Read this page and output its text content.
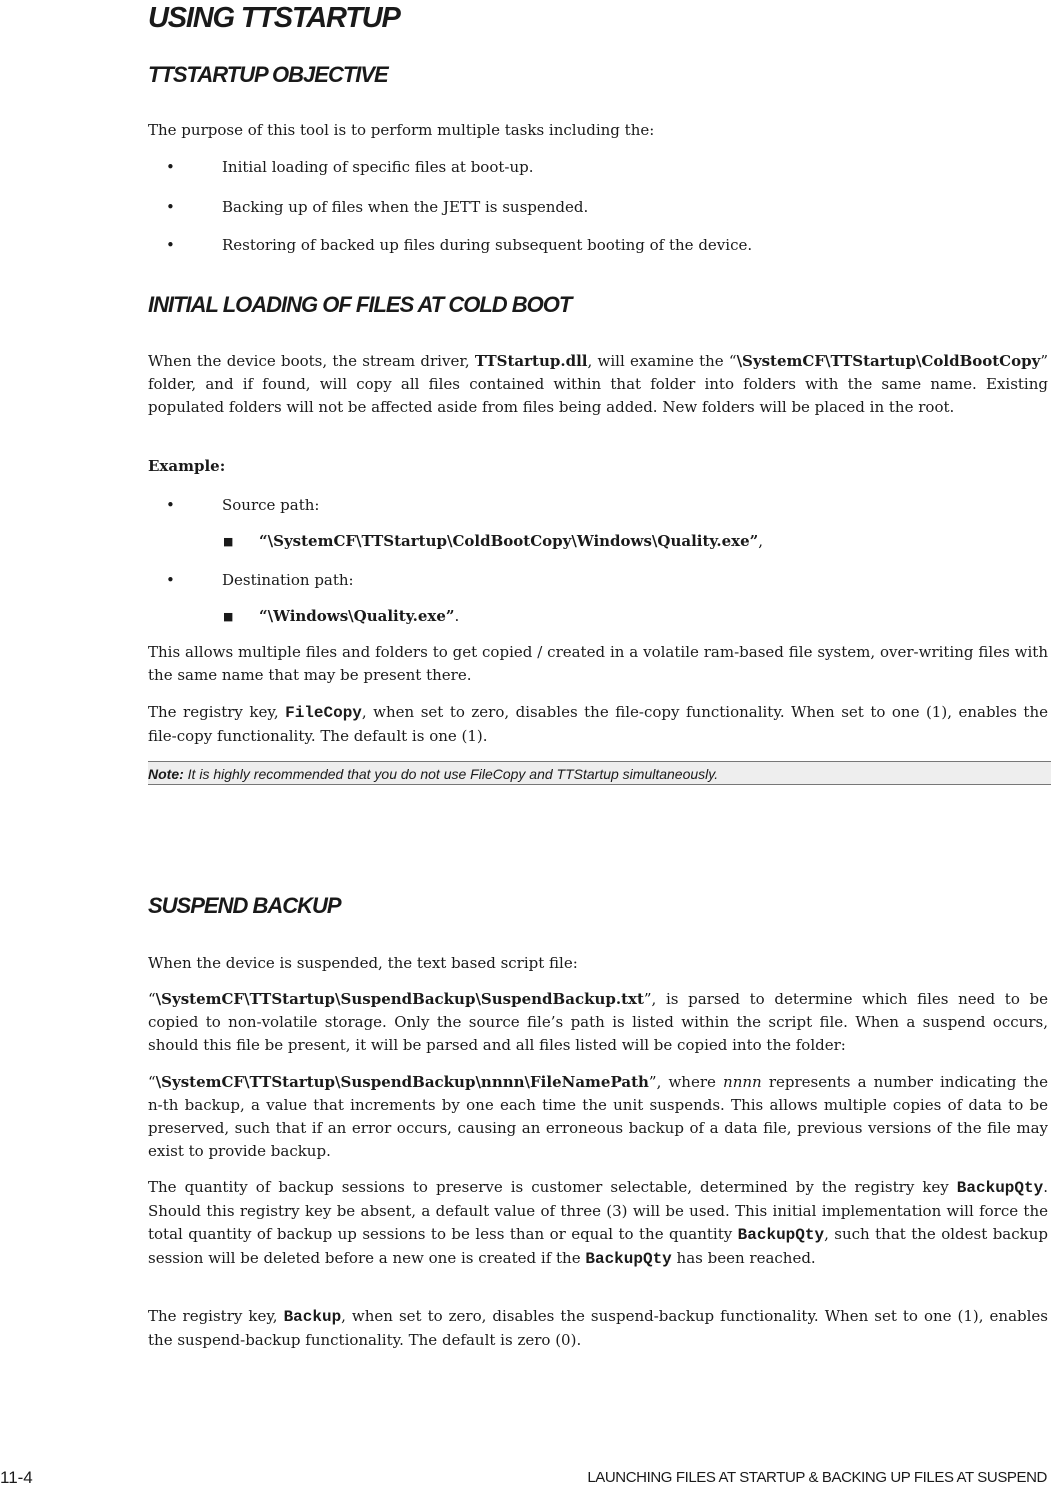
USING TTSTARTUP
TTSTARTUP OBJECTIVE

The purpose of this tool is to perform multiple tasks including the:

•	Initial loading of specific files at boot-up.

•	Backing up of files when the JETT is suspended.

•	Restoring of backed up files during subsequent booting of the device.

INITIAL LOADING OF FILES AT COLD BOOT

When the device boots, the stream driver, TTStartup.dll, will examine the “\SystemCF\TTStartup\ColdBootCopy” folder, and if found, will copy all files contained within that folder into folders with the same name. Existing populated folders will not be affected aside from files being added. New folders will be placed in the root.

Example:

•	Source path:

■ “\SystemCF\TTStartup\ColdBootCopy\Windows\Quality.exe”,

•	Destination path:

■ “\Windows\Quality.exe”.

This allows multiple files and folders to get copied / created in a volatile ram-based file system, over-writing files with the same name that may be present there.

The registry key, FileCopy, when set to zero, disables the file-copy functionality. When set to one (1), enables the file-copy functionality. The default is one (1).

Note: It is highly recommended that you do not use FileCopy and TTStartup simultaneously.

SUSPEND BACKUP

When the device is suspended, the text based script file:

“\SystemCF\TTStartup\SuspendBackup\SuspendBackup.txt”, is parsed to determine which files need to be copied to non-volatile storage. Only the source file’s path is listed within the script file. When a suspend occurs, should this file be present, it will be parsed and all files listed will be copied into the folder:

“\SystemCF\TTStartup\SuspendBackup\nnnn\FileNamePath”, where nnnn represents a number indicating the n-th backup, a value that increments by one each time the unit suspends. This allows multiple copies of data to be preserved, such that if an error occurs, causing an erroneous backup of a data file, previous versions of the file may exist to provide backup.

The quantity of backup sessions to preserve is customer selectable, determined by the registry key BackupQty. Should this registry key be absent, a default value of three (3) will be used. This initial implementation will force the total quantity of backup up sessions to be less than or equal to the quantity BackupQty, such that the oldest backup session will be deleted before a new one is created if the BackupQty has been reached.

The registry key, Backup, when set to zero, disables the suspend-backup functionality. When set to one (1), enables the suspend-backup functionality. The default is zero (0).

11-4	LAUNCHING FILES AT STARTUP & BACKING UP FILES AT SUSPEND
